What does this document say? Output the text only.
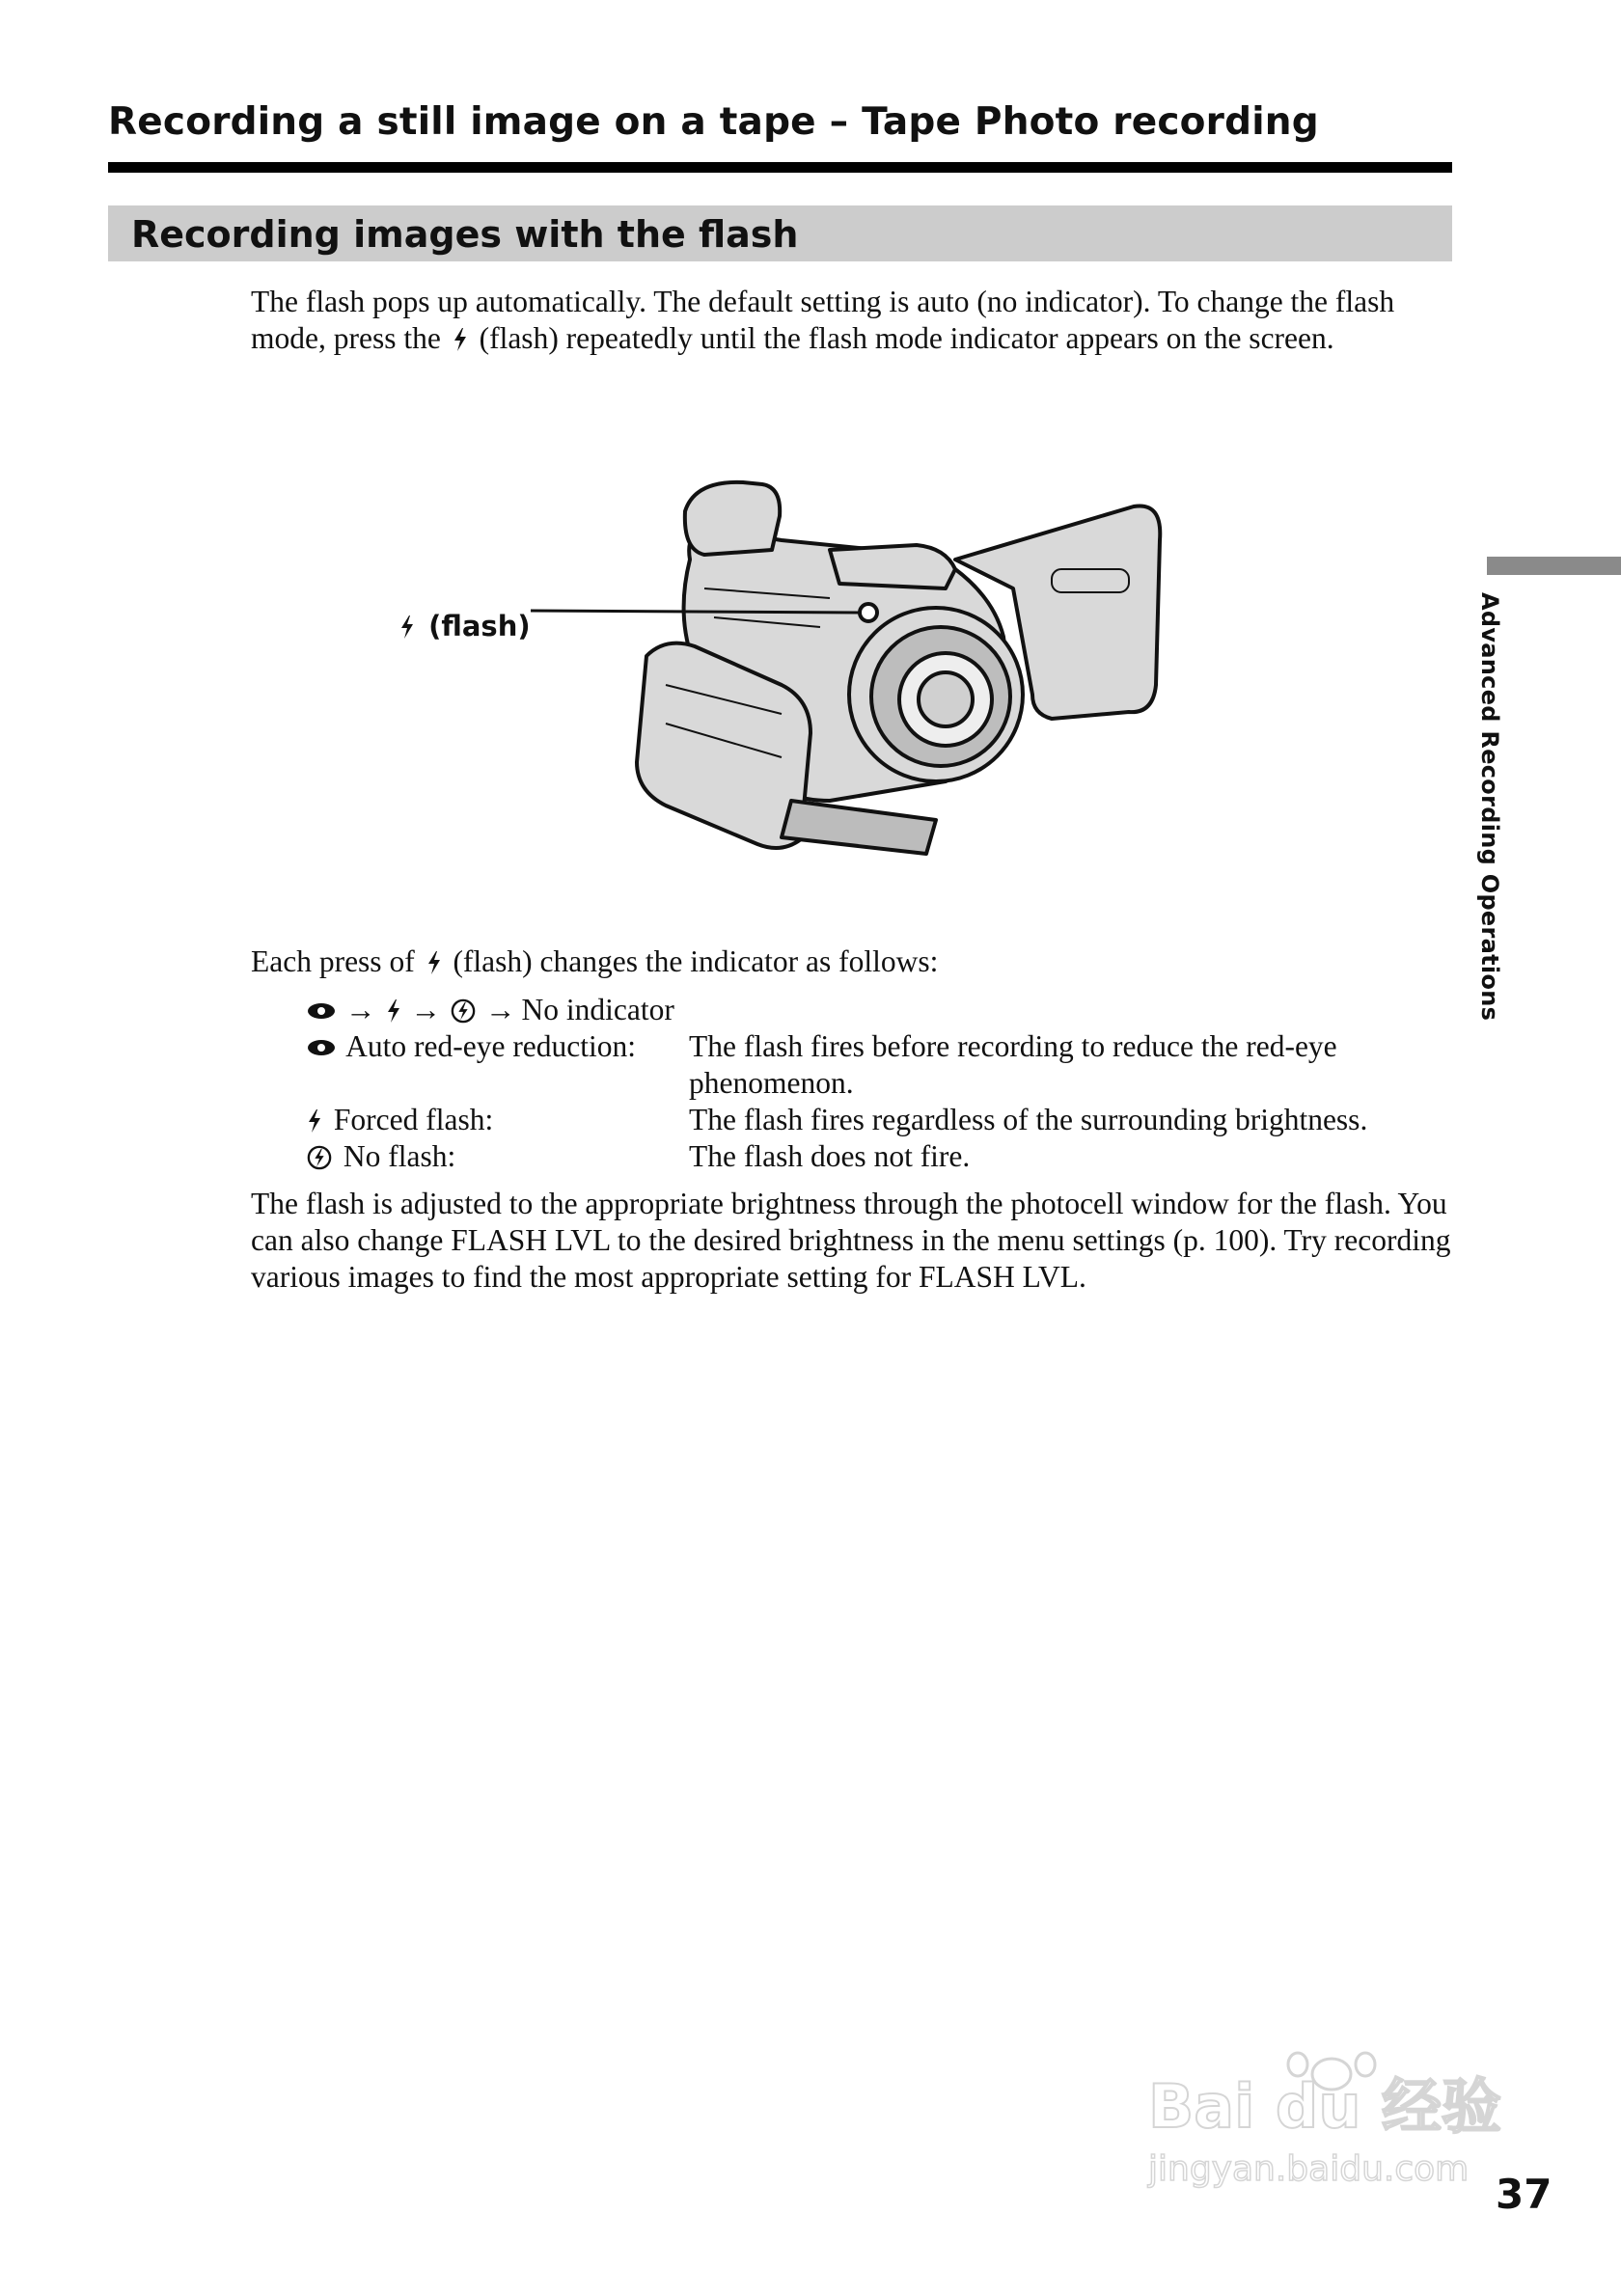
Recording a still image on a tape – Tape Photo recording
Recording images with the flash

The flash pops up automatically. The default setting is auto (no indicator). To change the flash mode, press the (flash) repeatedly until the flash mode indicator appears on the screen.

(flash)

Each press of (flash) changes the indicator as follows:

→ → → No indicator
Auto red-eye reduction: The flash fires before recording to reduce the red-eye phenomenon.
Forced flash:	The flash fires regardless of the surrounding brightness.
No flash:	The flash does not fire.

The flash is adjusted to the appropriate brightness through the photocell window for the flash. You can also change FLASH LVL to the desired brightness in the menu settings (p. 100). Try recording various images to find the most appropriate setting for FLASH LVL.

Advanced Recording Operations
Bai du 经验
jingyan.baidu.com
37
